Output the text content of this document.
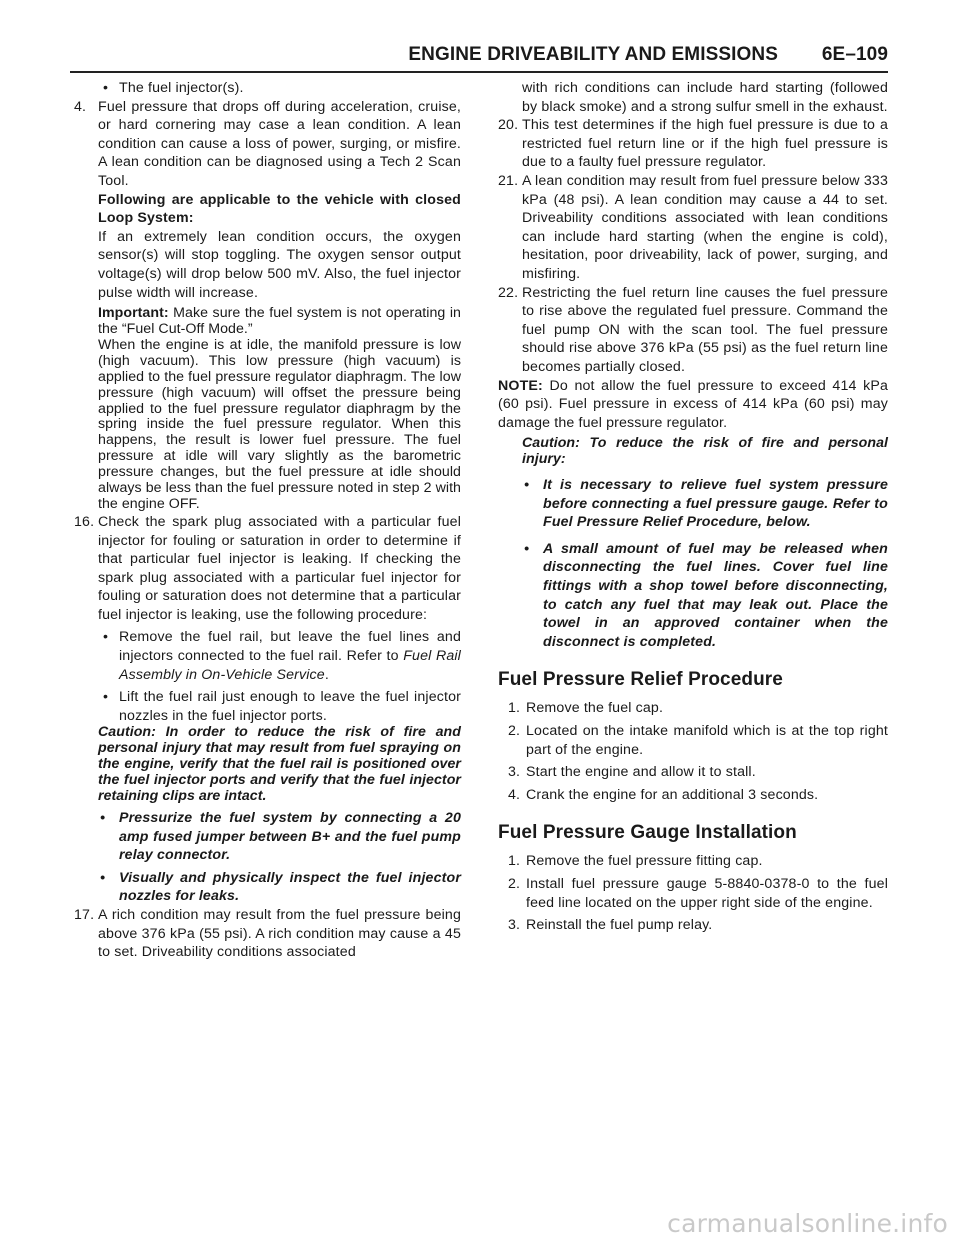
ENGINE DRIVEABILITY AND EMISSIONS 6E–109

• The fuel injector(s).

4. Fuel pressure that drops off during acceleration, cruise, or hard cornering may case a lean condition. A lean condition can cause a loss of power, surging, or misfire. A lean condition can be diagnosed using a Tech 2 Scan Tool.

Following are applicable to the vehicle with closed Loop System:

If an extremely lean condition occurs, the oxygen sensor(s) will stop toggling. The oxygen sensor output voltage(s) will drop below 500 mV. Also, the fuel injector pulse width will increase.

Important: Make sure the fuel system is not operating in the “Fuel Cut-Off Mode.”

When the engine is at idle, the manifold pressure is low (high vacuum). This low pressure (high vacuum) is applied to the fuel pressure regulator diaphragm. The low pressure (high vacuum) will offset the pressure being applied to the fuel pressure regulator diaphragm by the spring inside the fuel pressure regulator. When this happens, the result is lower fuel pressure. The fuel pressure at idle will vary slightly as the barometric pressure changes, but the fuel pressure at idle should always be less than the fuel pressure noted in step 2 with the engine OFF.

16. Check the spark plug associated with a particular fuel injector for fouling or saturation in order to determine if that particular fuel injector is leaking. If checking the spark plug associated with a particular fuel injector for fouling or saturation does not determine that a particular fuel injector is leaking, use the following procedure:

• Remove the fuel rail, but leave the fuel lines and injectors connected to the fuel rail. Refer to Fuel Rail Assembly in On-Vehicle Service.

• Lift the fuel rail just enough to leave the fuel injector nozzles in the fuel injector ports.

Caution: In order to reduce the risk of fire and personal injury that may result from fuel spraying on the engine, verify that the fuel rail is positioned over the fuel injector ports and verify that the fuel injector retaining clips are intact.

• Pressurize the fuel system by connecting a 20 amp fused jumper between B+ and the fuel pump relay connector.

• Visually and physically inspect the fuel injector nozzles for leaks.

17. A rich condition may result from the fuel pressure being above 376 kPa (55 psi). A rich condition may cause a 45 to set. Driveability conditions associated

with rich conditions can include hard starting (followed by black smoke) and a strong sulfur smell in the exhaust.

20. This test determines if the high fuel pressure is due to a restricted fuel return line or if the high fuel pressure is due to a faulty fuel pressure regulator.

21. A lean condition may result from fuel pressure below 333 kPa (48 psi). A lean condition may cause a 44 to set. Driveability conditions associated with lean conditions can include hard starting (when the engine is cold), hesitation, poor driveability, lack of power, surging, and misfiring.

22. Restricting the fuel return line causes the fuel pressure to rise above the regulated fuel pressure. Command the fuel pump ON with the scan tool. The fuel pressure should rise above 376 kPa (55 psi) as the fuel return line becomes partially closed.

NOTE: Do not allow the fuel pressure to exceed 414 kPa (60 psi). Fuel pressure in excess of 414 kPa (60 psi) may damage the fuel pressure regulator.

Caution: To reduce the risk of fire and personal injury:

• It is necessary to relieve fuel system pressure before connecting a fuel pressure gauge. Refer to Fuel Pressure Relief Procedure, below.

• A small amount of fuel may be released when disconnecting the fuel lines. Cover fuel line fittings with a shop towel before disconnecting, to catch any fuel that may leak out. Place the towel in an approved container when the disconnect is completed.

Fuel Pressure Relief Procedure

1. Remove the fuel cap.

2. Located on the intake manifold which is at the top right part of the engine.

3. Start the engine and allow it to stall.

4. Crank the engine for an additional 3 seconds.

Fuel Pressure Gauge Installation

1. Remove the fuel pressure fitting cap.

2. Install fuel pressure gauge 5-8840-0378-0 to the fuel feed line located on the upper right side of the engine.

3. Reinstall the fuel pump relay.

carmanualsonline.info
